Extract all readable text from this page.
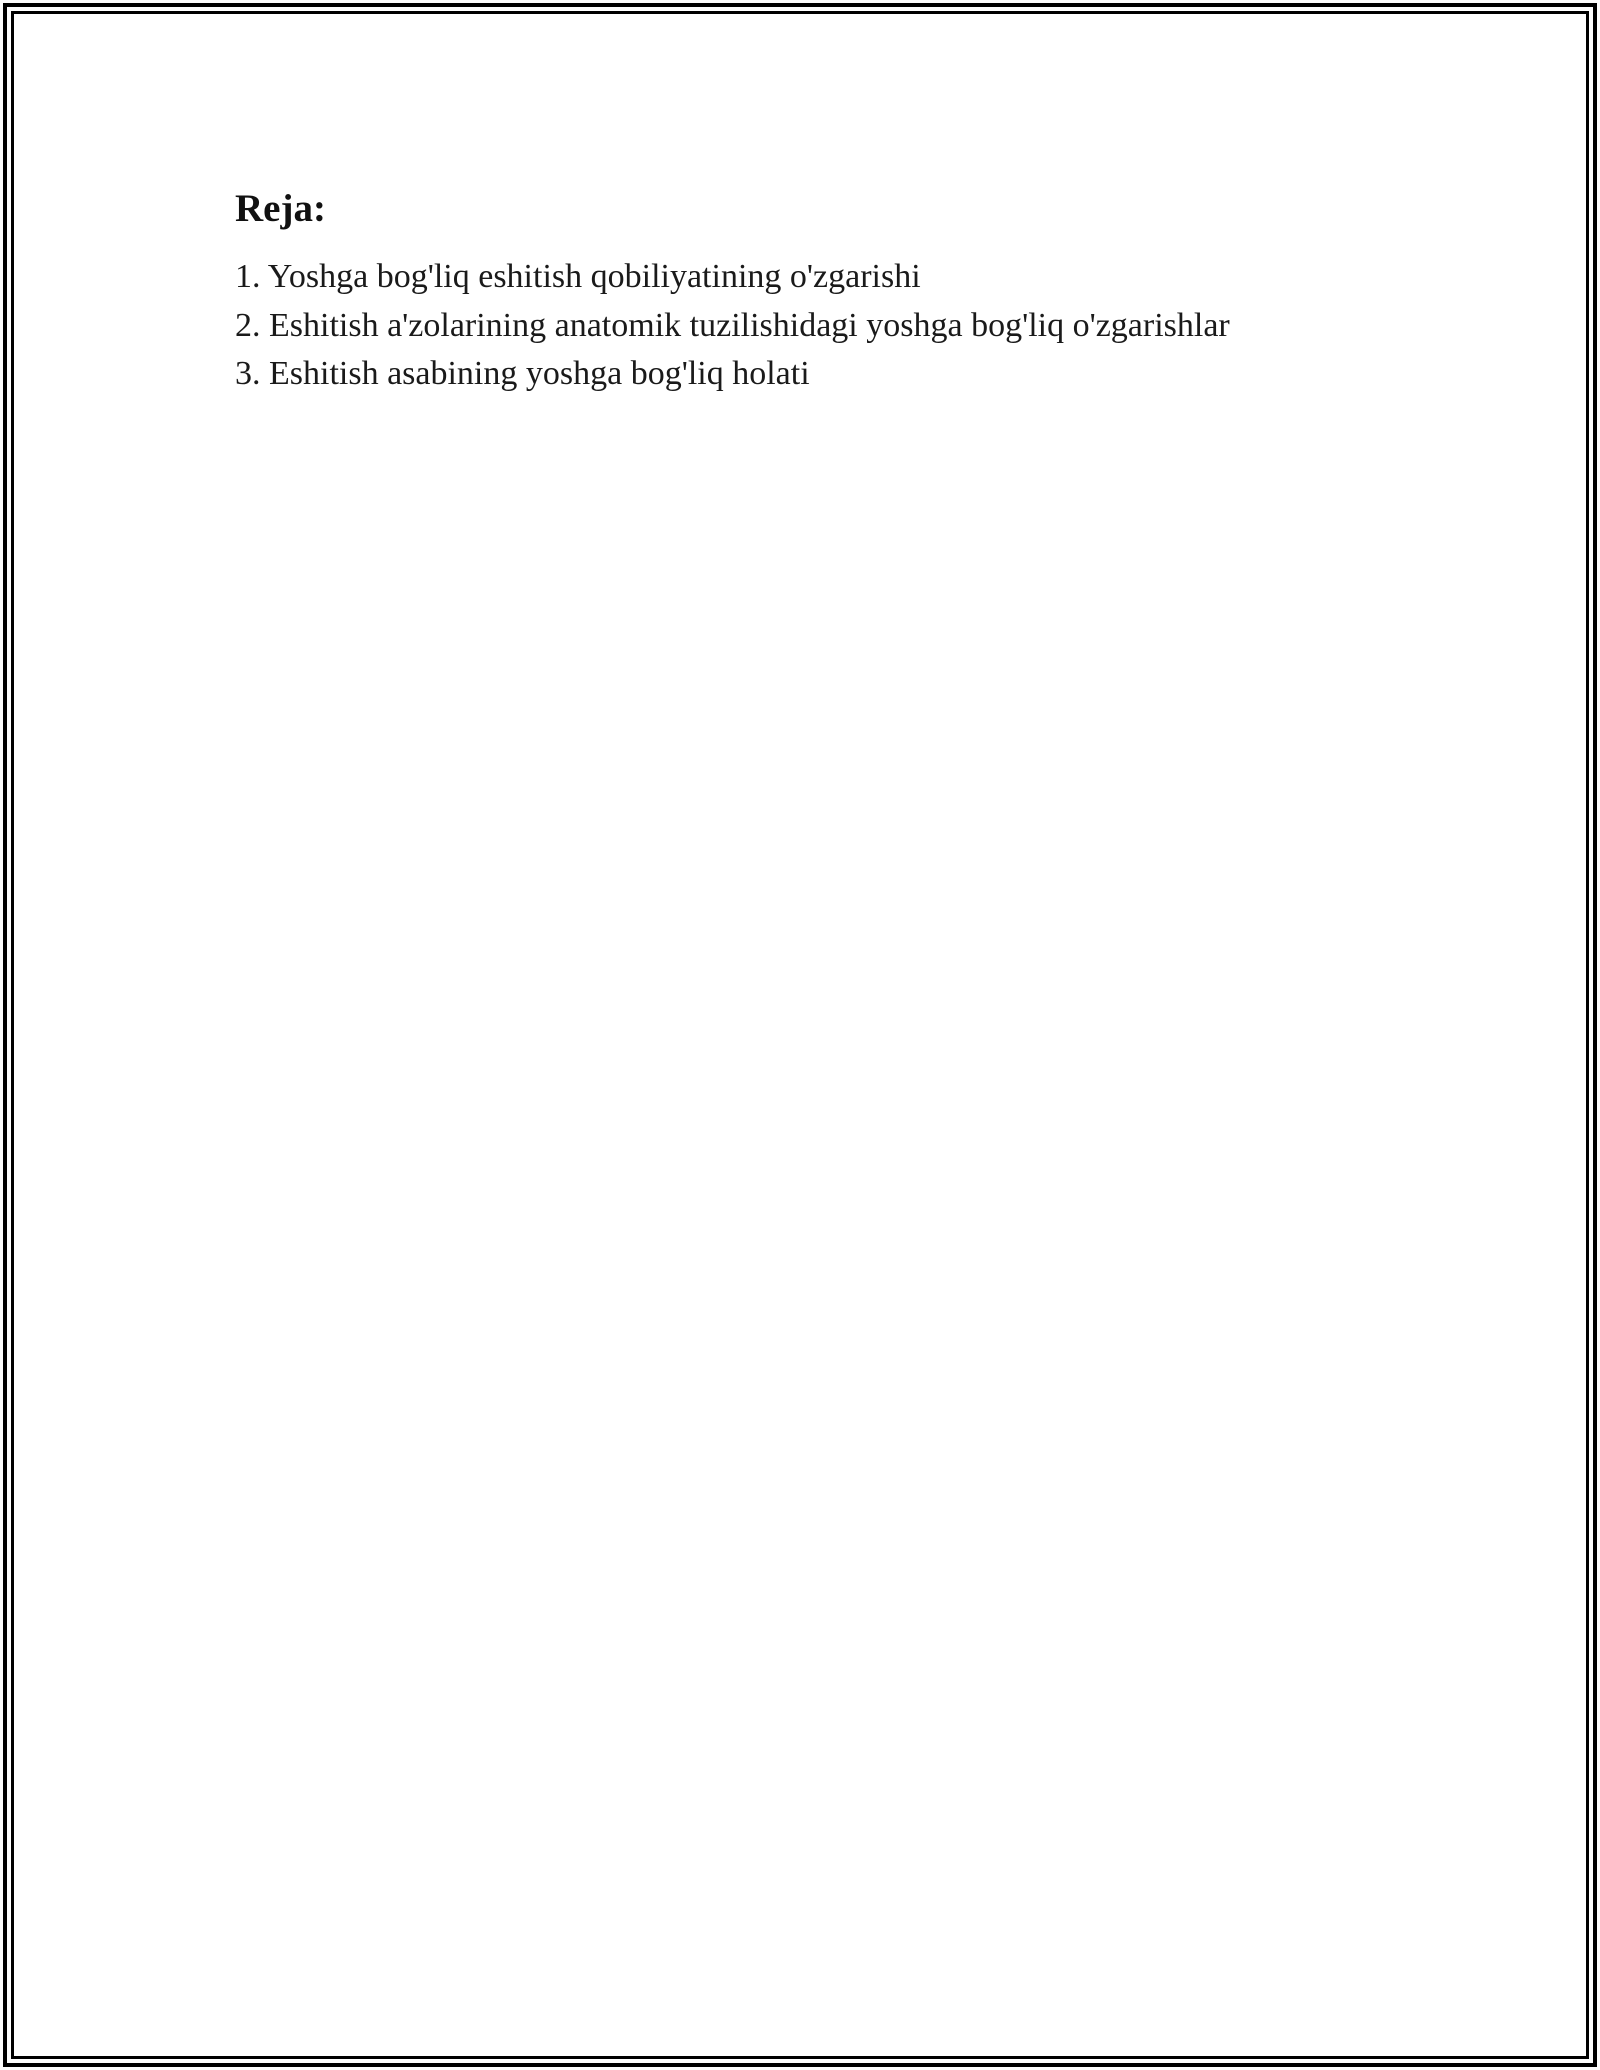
Reja:
1. Yoshga bog'liq eshitish qobiliyatining o'zgarishi
2. Eshitish a'zolarining anatomik tuzilishidagi yoshga bog'liq o'zgarishlar
3. Eshitish asabining yoshga bog'liq holati
